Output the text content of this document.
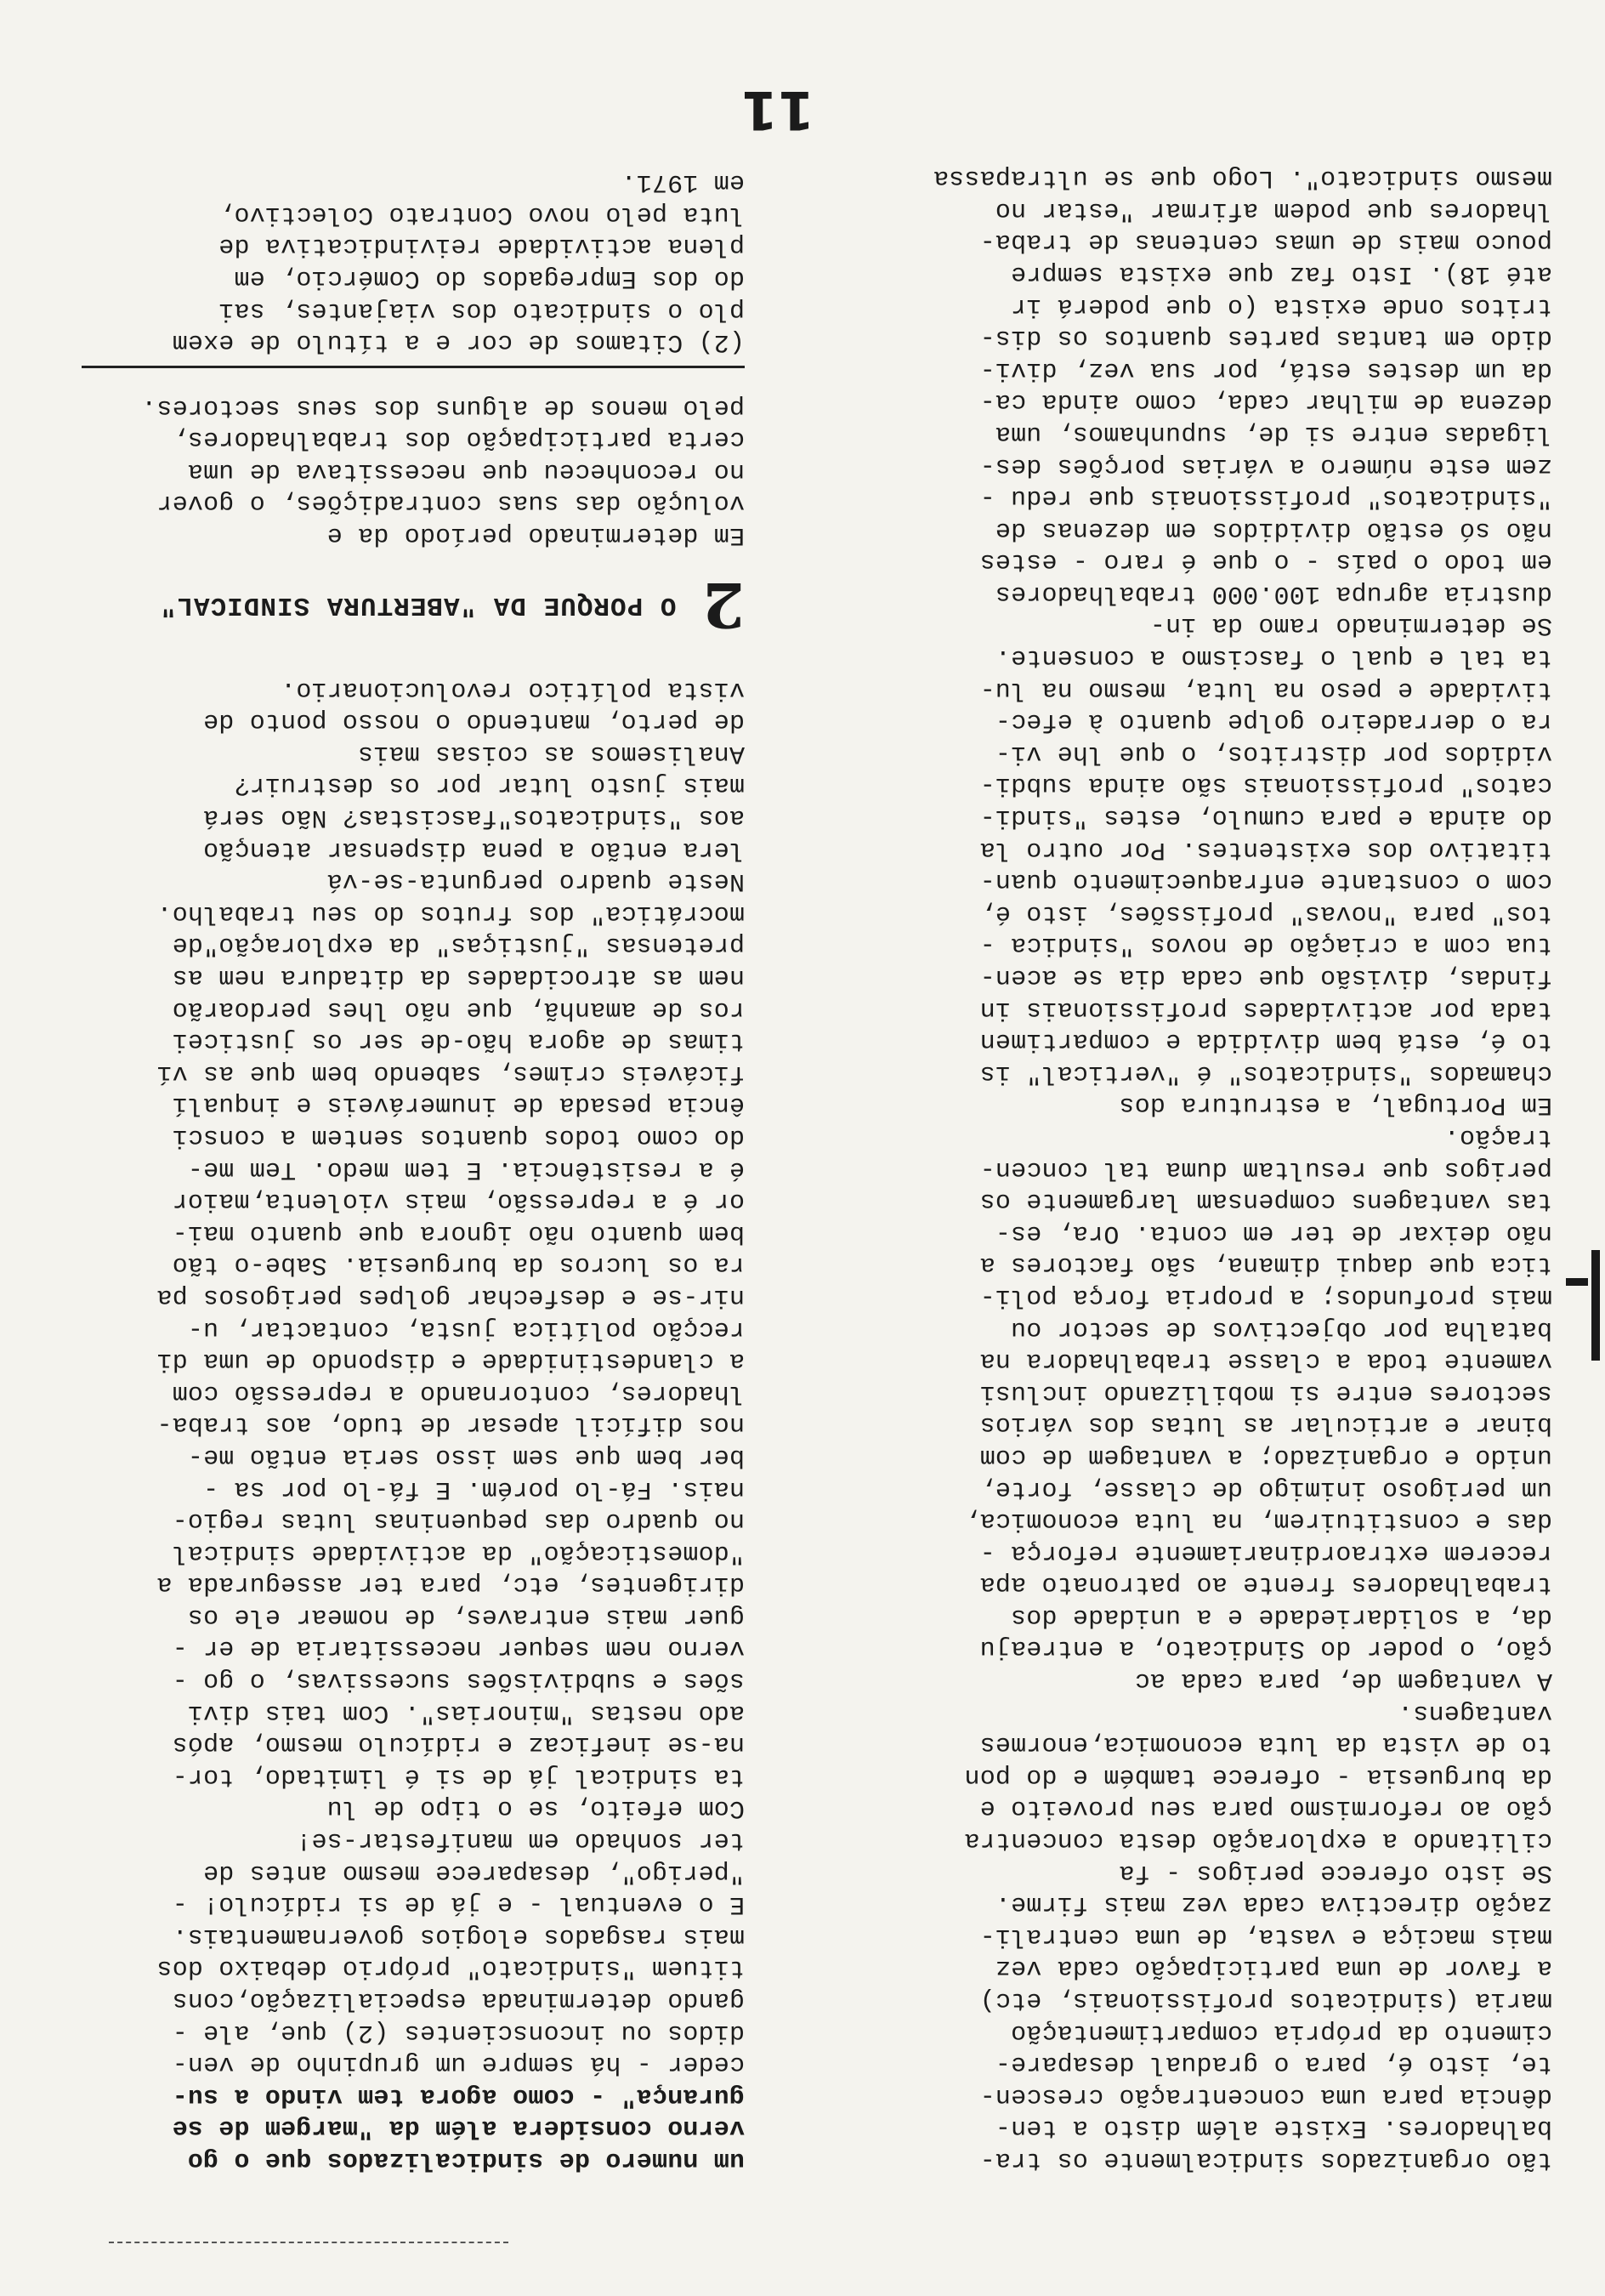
tão organizados sindicalmente os tra-

balhadores. Existe além disto a ten-

dência para uma concentração crescen-

te, isto é, para o gradual desapare-

cimento da própria compartimentação

maria (sindicatos profissionais, etc)

a favor de uma participação cada vez

mais maciça e vasta, de uma centrali-

zação directiva cada vez mais firme.

Se isto oferece perigos - fa

cilitando a exploração desta concentra

ção ao reformismo para seu proveito e

da burguesia - oferece também e do pon

to de vista da luta economica,enormes

vantagens.

A vantagem de, para cada ac

ção, o poder do Sindicato, a entreaju

da, a solidariedade e a unidade dos

trabalhadores frente ao patronato apa

recerem extraordinariamente reforça -

das e constituirem, na luta economica,

um perigoso inimigo de classe, forte,

unido e organizado; a vantagem de com

binar e articular as lutas dos vários

sectores entre si mobilizando inclusi

vamente toda a classe trabalhadora na

batalha por objectivos de sector ou

mais profundos; a propria força poli-

tica que daqui dimana, são factores a

não deixar de ter em conta. Ora, es-

tas vantagens compensam largamente os

perigos que resultam duma tal concen-

tração.

Em Portugal, a estrutura dos

chamados "sindicatos" é "vertical" is

to é, está bem dividida e compartimen

tada por actividades profissionais in

findas, divisão que cada dia se acen-

tua com a criação de novos "sindica -

tos" para "novas" profissões, isto é,

com o constante enfraquecimento quan-

titativo dos existentes. Por outro la

do ainda e para cumulo, estes "sindi-

catos" profissionais são ainda subdi-

vididos por distritos, o que lhe vi-

ra o derradeiro golpe quanto à efec-

tividade e peso na luta, mesmo na lu-

ta tal e qual o fascismo a consente.

Se determinado ramo da in-

dustria agrupa 100.000 trabalhadores

em todo o país - o que é raro - estes

não só estão divididos em dezenas de

"sindicatos" profissionais que redu -

zem este número a várias porções des-

ligadas entre si de, supunhamos, uma

dezena de milhar cada, como ainda ca-

da um destes está, por sua vez, divi-

dido em tantas partes quantos os dis-

tritos onde exista (o que poderá ir

até 18). Isto faz que exista sempre

pouco mais de umas centenas de traba-

lhadores que podem afirmar "estar no

mesmo sindicato". Logo que se ultrapassa

um numero de sindicalizados que o go

verno considera além da "margem de se

gurança" - como agora tem vindo a su-

ceder - há sempre um grupinho de ven-

didos ou inconscientes (2) que, ale -

gando determinada especialização,cons

tituem "sindicato" próprio debaixo dos

mais rasgados elogios governamentais.

E o eventual - e já de si ridículo! -

"perigo", desaparece mesmo antes de

ter sonhado em manifestar-se!

Com efeito, se o tipo de lu

ta sindical já de si é limitado, tor-

na-se ineficaz e ridículo mesmo, após

ado nestas "minorias". Com tais divi

sões e subdivisões sucessivas, o go -

verno nem sequer necessitaria de er -

guer mais entraves, de nomear ele os

dirigentes, etc, para ter assegurada a

"domesticação" da actividade sindical

no quadro das pequeninas lutas regio-

nais. Fá-lo porém. E fá-lo por sa -

ber bem que sem isso seria então me-

nos difícil apesar de tudo, aos traba-

lhadores, contornando a repressão com

a clandestinidade e dispondo de uma di

recção política justa, contactar, u-

nir-se e desfechar golpes perigosos pa

ra os lucros da burguesia. Sabe-o tão

bem quanto não ignora que quanto mai-

or é a repressão, mais violenta,maior

é a resistência. E tem medo. Tem me-

do como todos quantos sentem a consci

ência pesada de inumeráveis e inqualí

ficáveis crimes, sabendo bem que as ví

timas de agora hão-de ser os justicei

ros de amanhã, que não lhes perdoarão

nem as atrocidades da ditadura nem as

pretensas "justiças" da exploração"de

mocrática" dos frutos do seu trabalho.

Neste quadro pergunta-se-vá

lera então a pena dispensar atenção

aos "sindicatos"fascistas? Não será

mais justo lutar por os destruir?

Analisemos as coisas mais

de perto, mantendo o nosso ponto de

vista político revolucionario.

2 O PORQUE DA "ABERTURA SINDICAL"

Em determinado período da e

volução das suas contradições, o gover

no reconheceu que necessitava de uma

certa participação dos trabalhadores,

pelo menos de alguns dos seus sectores.

(2) Citamos de cor e a título de exem

plo o sindicato dos viajantes, sai

do dos Empregados do Comércio, em

plena actividade reivindicativa de

luta pelo novo Contrato Colectivo,

em 1971.

11
